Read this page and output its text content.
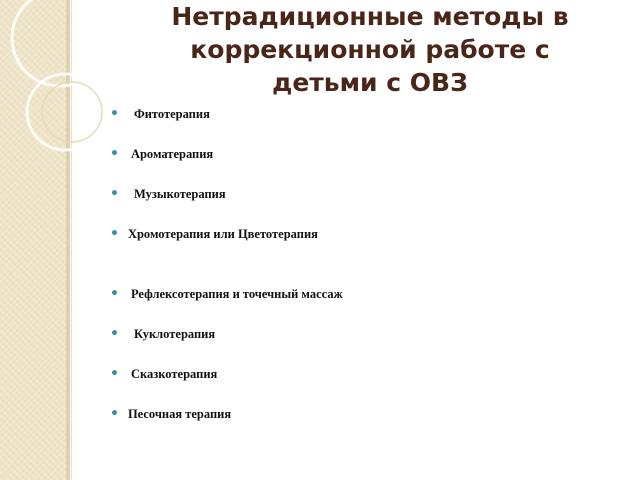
Нетрадиционные методы в
коррекционной работе с
детьми с ОВЗ
• Фитотерапия
• Ароматерапия
• Музыкотерапия
• Хромотерапия или Цветотерапия
• Рефлексотерапия и точечный массаж
• Куклотерапия
• Сказкотерапия
• Песочная терапия
